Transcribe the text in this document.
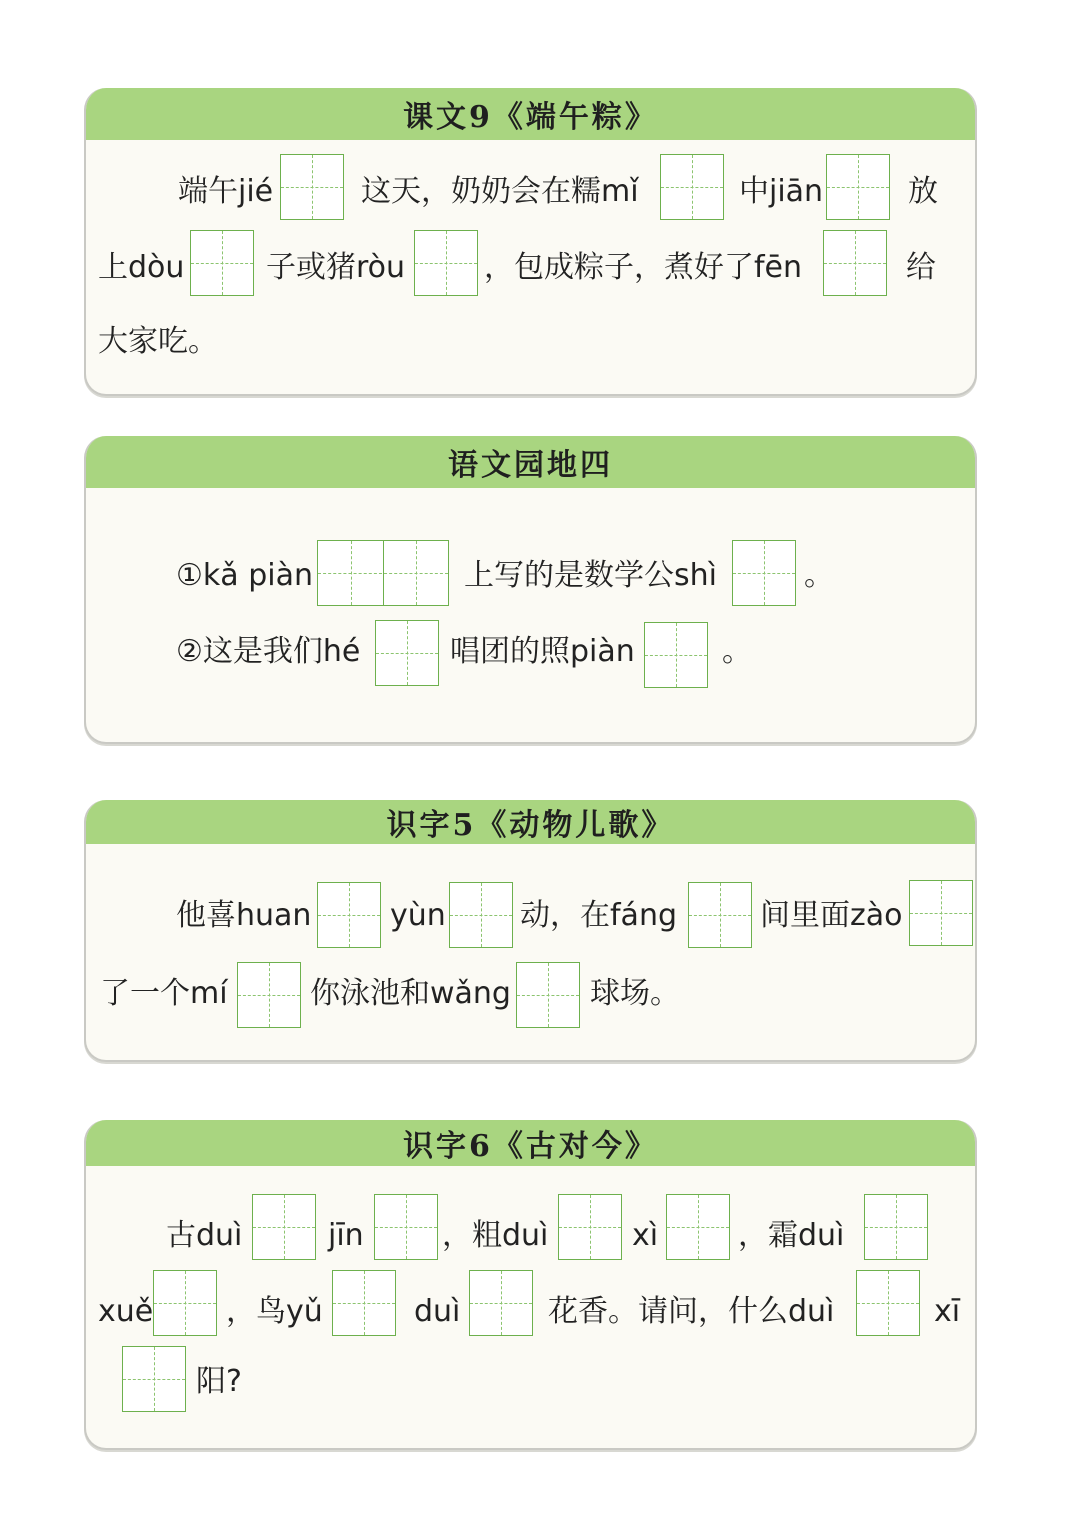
课文9《端午粽》
端午jié	这天，奶奶会在糯mǐ	中jiān	放
上dòu	子或猪ròu	，包成粽子，煮好了fēn	给
大家吃。
语文园地四
①kǎ piàn	上写的是数学公shì	。
②这是我们hé	唱团的照piàn	。
识字5《动物儿歌》
他喜huan	yùn 动，在fáng	间里面zào
了一个mí	你泳池和wǎng	球场。
识字6《古对今》
古duì	jīn	，粗duì	xì	，霜duì
xuě ，鸟yǔ	duì	花香。请问，什么duì	xī
阳?
